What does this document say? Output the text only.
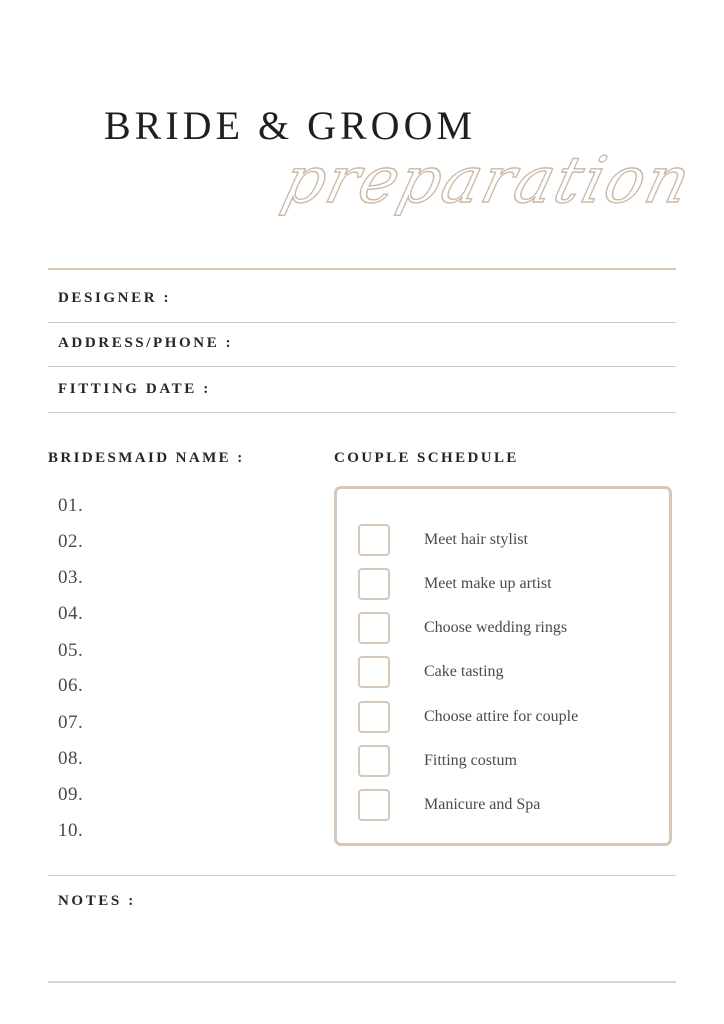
BRIDE & GROOM
preparation
DESIGNER :
ADDRESS/PHONE :
FITTING DATE :
BRIDESMAID NAME :	COUPLE SCHEDULE
01.
02.
03.
04.
05.
06.
07.
08.
09.
10.
Meet hair stylist
Meet make up artist
Choose wedding rings
Cake tasting
Choose attire for couple
Fitting costum
Manicure and Spa
NOTES :
